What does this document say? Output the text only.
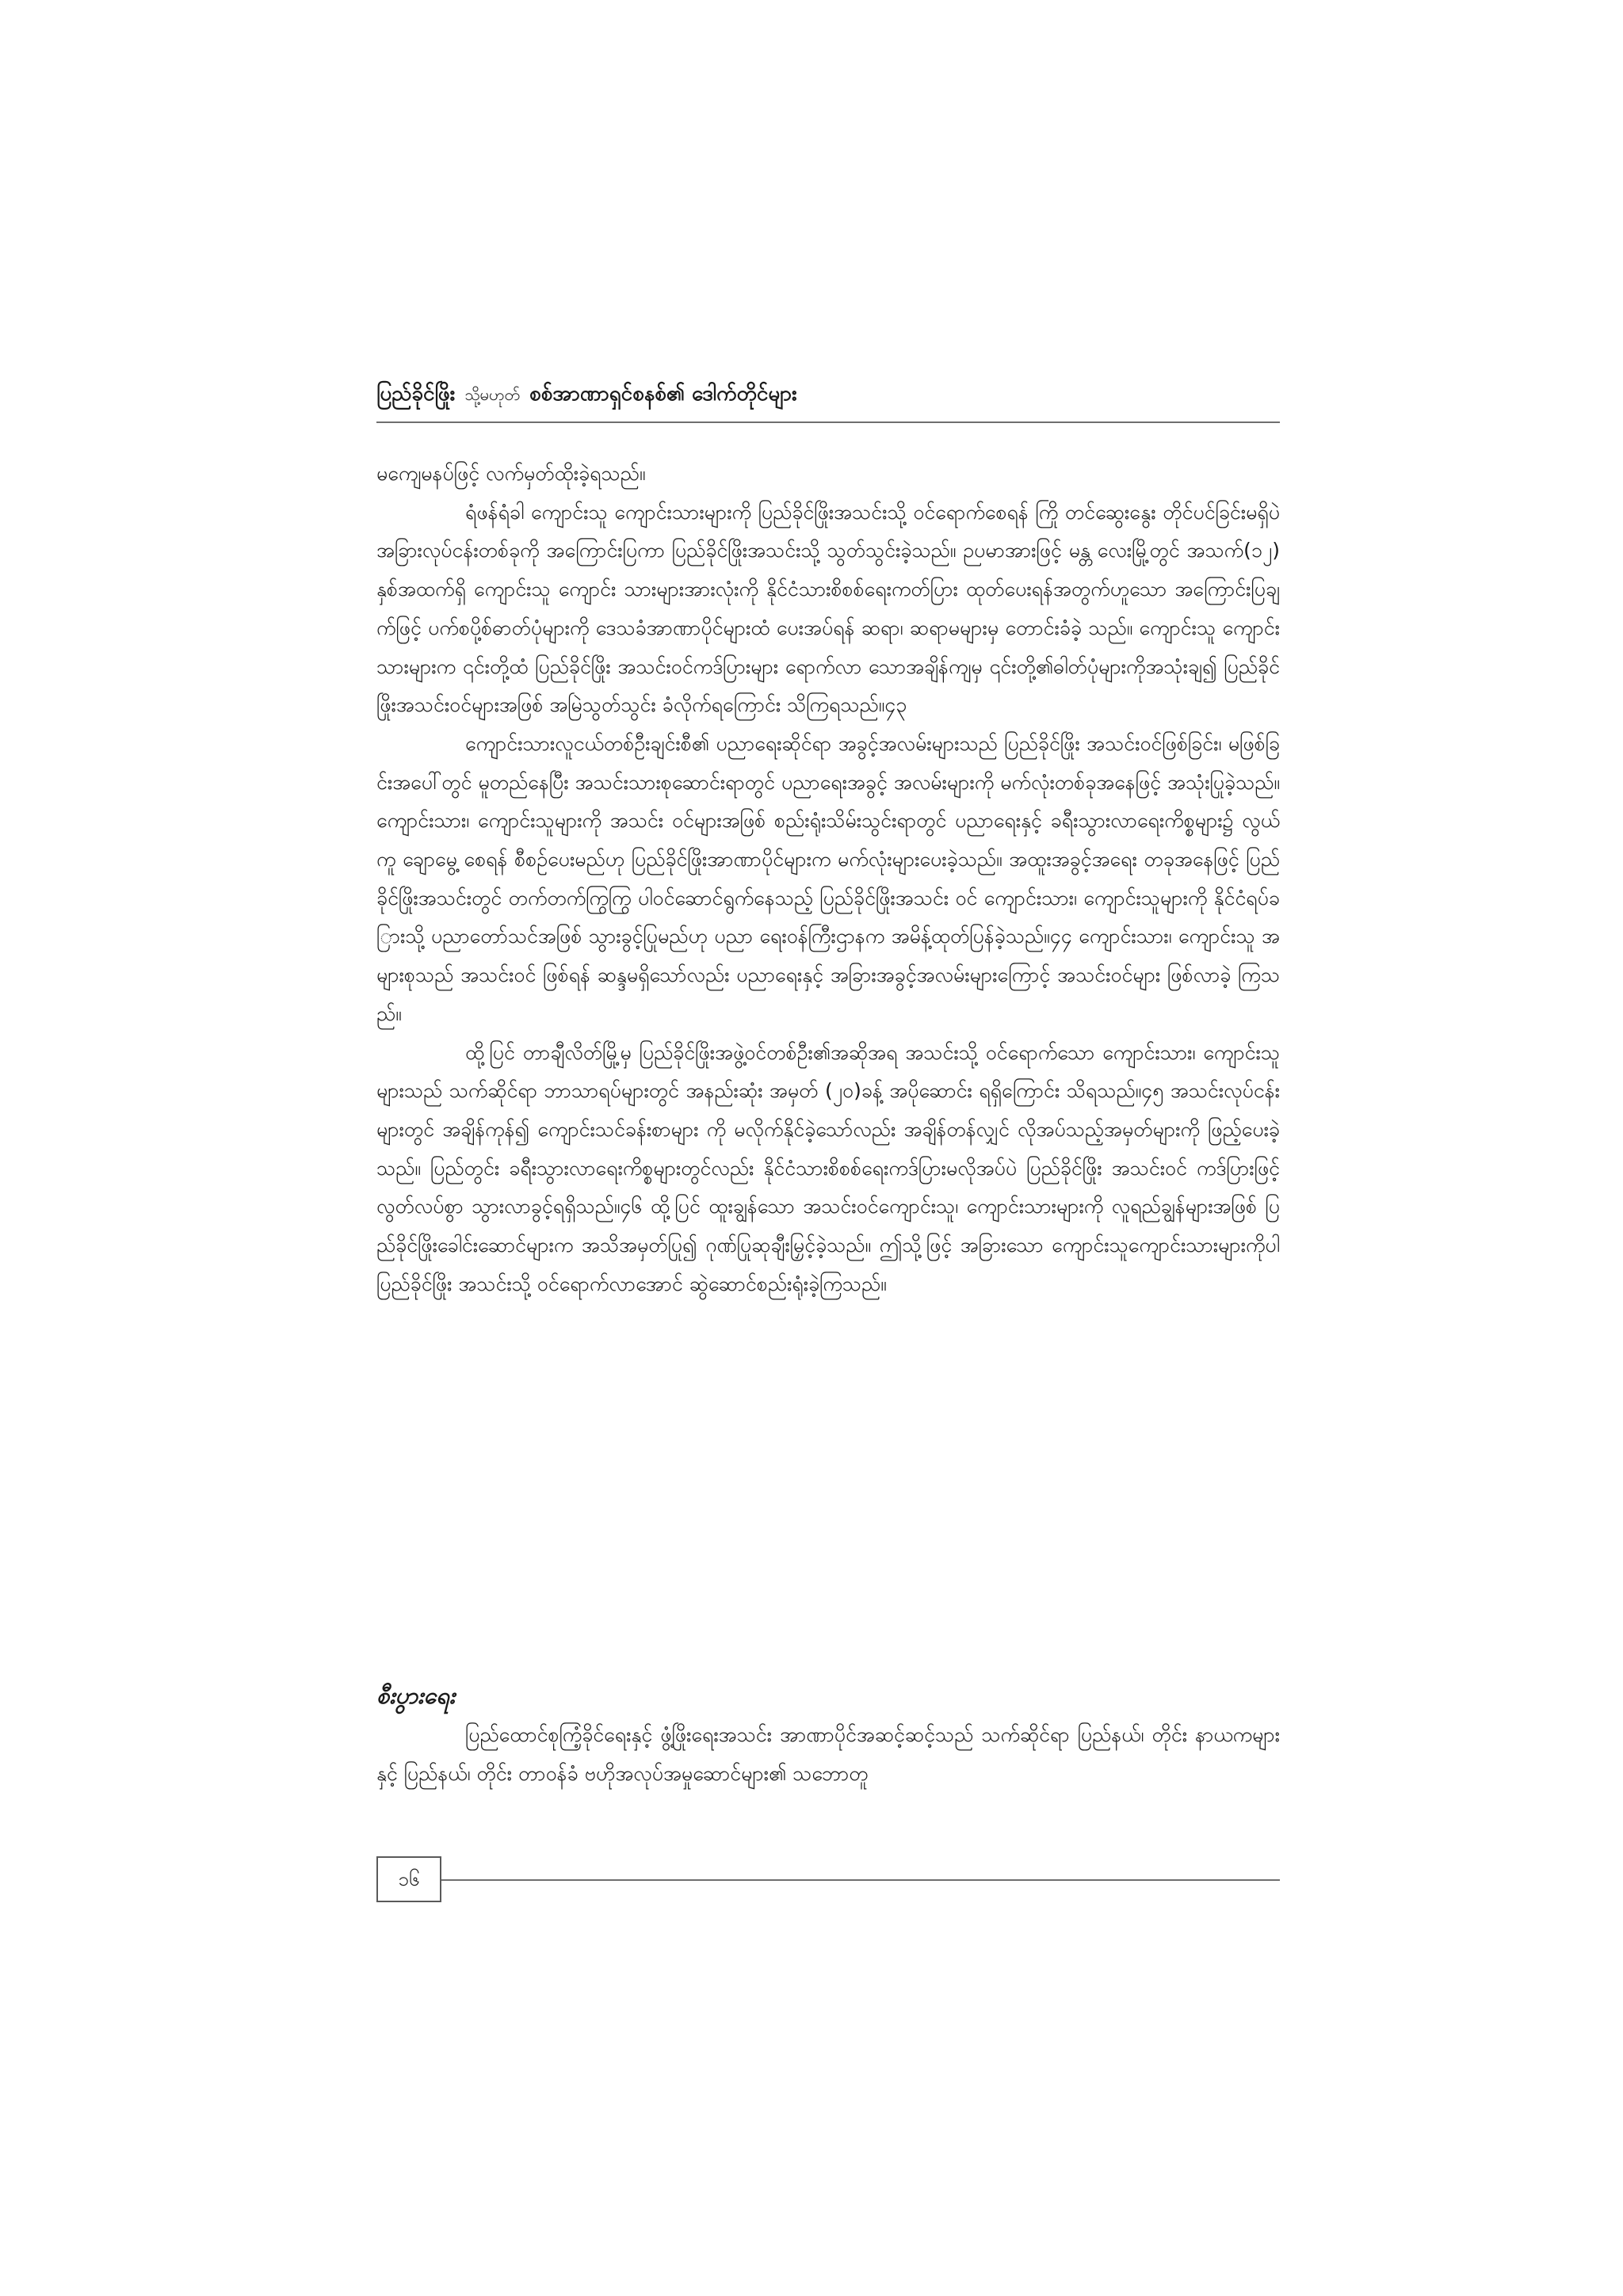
ပြည်ခိုင်ဖြိုး သို့မဟုတ် စစ်အာဏာရှင်စနစ်၏ ဒေါက်တိုင်များ

မကျေမနပ်ဖြင့် လက်မှတ်ထိုးခဲ့ရသည်။

ရံဖန်ရံခါ ကျောင်းသူ ကျောင်းသားများကို ပြည်ခိုင်ဖြိုးအသင်းသို့ ဝင်ရောက်စေရန် ကြို တင်ဆွေးနွေး တိုင်ပင်ခြင်းမရှိပဲ အခြားလုပ်ငန်းတစ်ခုကို အကြောင်းပြကာ ပြည်ခိုင်ဖြိုးအသင်းသို့ သွတ်သွင်းခဲ့သည်။ ဉပမာအားဖြင့် မန္တ လေးမြို့တွင် အသက်(၁၂)နှစ်အထက်ရှိ ကျောင်းသူ ကျောင်း သားများအားလုံးကို နိုင်ငံသားစိစစ်ရေးကတ်ပြား ထုတ်ပေးရန်အတွက်ဟူသော အကြောင်းပြချက်ဖြင့် ပက်စပို့စ်ဓာတ်ပုံများကို ဒေသခံအာဏာပိုင်များထံ ပေးအပ်ရန် ဆရာ၊ ဆရာမများမှ တောင်းခံခဲ့ သည်။ ကျောင်းသူ ကျောင်းသားများက ၎င်းတို့ထံ ပြည်ခိုင်ဖြိုး အသင်းဝင်ကဒ်ပြားများ ရောက်လာ သောအချိန်ကျမှ ၎င်းတို့၏ဓါတ်ပုံများကိုအသုံးချ၍ ပြည်ခိုင်ဖြိုးအသင်းဝင်များအဖြစ် အမြဲသွတ်သွင်း ခံလိုက်ရကြောင်း သိကြရသည်။၄၃

ကျောင်းသားလူငယ်တစ်ဦးချင်းစီ၏ ပညာရေးဆိုင်ရာ အခွင့်အလမ်းများသည် ပြည်ခိုင်ဖြိုး အသင်းဝင်ဖြစ်ခြင်း၊ မဖြစ်ခြင်းအပေါ်တွင် မူတည်နေပြီး အသင်းသားစုဆောင်းရာတွင် ပညာရေးအခွင့် အလမ်းများကို မက်လုံးတစ်ခုအနေဖြင့် အသုံးပြုခဲ့သည်။ ကျောင်းသား၊ ကျောင်းသူများကို အသင်း ဝင်များအဖြစ် စည်းရုံးသိမ်းသွင်းရာတွင် ပညာရေးနှင့် ခရီးသွားလာရေးကိစ္စများ၌ လွယ်ကူ ချောမွေ့ စေရန် စီစဉ်ပေးမည်ဟု ပြည်ခိုင်ဖြိုးအာဏာပိုင်များက မက်လုံးများပေးခဲ့သည်။ အထူးအခွင့်အရေး တခုအနေဖြင့် ပြည်ခိုင်ဖြိုးအသင်းတွင် တက်တက်ကြွကြွ ပါဝင်ဆောင်ရွက်နေသည့် ပြည်ခိုင်ဖြိုးအသင်း ဝင် ကျောင်းသား၊ ကျောင်းသူများကို နိုင်ငံရပ်ခြားသို့ ပညာတော်သင်အဖြစ် သွားခွင့်ပြုမည်ဟု ပညာ ရေးဝန်ကြီးဌာနက အမိန့်ထုတ်ပြန်ခဲ့သည်။၄၄ ကျောင်းသား၊ ကျောင်းသူ အများစုသည် အသင်းဝင် ဖြစ်ရန် ဆန္ဒမရှိသော်လည်း ပညာရေးနှင့် အခြားအခွင့်အလမ်းများကြောင့် အသင်းဝင်များ ဖြစ်လာခဲ့ ကြသည်။

ထို့ပြင် တာချီလိတ်မြို့မှ ပြည်ခိုင်ဖြိုးအဖွဲ့ဝင်တစ်ဦး၏အဆိုအရ အသင်းသို့ ဝင်ရောက်သော ကျောင်းသား၊ ကျောင်းသူများသည် သက်ဆိုင်ရာ ဘာသာရပ်များတွင် အနည်းဆုံး အမှတ် (၂၀)ခန့် အပိုဆောင်း ရရှိကြောင်း သိရသည်။၄၅ အသင်းလုပ်ငန်းများတွင် အချိန်ကုန်၍ ကျောင်းသင်ခန်းစာများ ကို မလိုက်နိုင်ခဲ့သော်လည်း အချိန်တန်လျှင် လိုအပ်သည့်အမှတ်များကို ဖြည့်ပေးခဲ့သည်။ ပြည်တွင်း ခရီးသွားလာရေးကိစ္စများတွင်လည်း နိုင်ငံသားစိစစ်ရေးကဒ်ပြားမလိုအပ်ပဲ ပြည်ခိုင်ဖြိုး အသင်းဝင် ကဒ်ပြားဖြင့် လွတ်လပ်စွာ သွားလာခွင့်ရရှိသည်။၄၆ ထို့ပြင် ထူးချွန်သော အသင်းဝင်ကျောင်းသူ၊ ကျောင်းသားများကို လူရည်ချွန်များအဖြစ် ပြည်ခိုင်ဖြိုးခေါင်းဆောင်များက အသိအမှတ်ပြု၍ ဂုဏ်ပြုဆုချီးမြှင့်ခဲ့သည်။ ဤသို့ဖြင့် အခြားသော ကျောင်းသူကျောင်းသားများကိုပါ ပြည်ခိုင်ဖြိုး အသင်းသို့ ဝင်ရောက်လာအောင် ဆွဲဆောင်စည်းရုံးခဲ့ကြသည်။

စီးပွားရေး

ပြည်ထောင်စုကြံ့ခိုင်ရေးနှင့် ဖွံ့ဖြိုးရေးအသင်း အာဏာပိုင်အဆင့်ဆင့်သည် သက်ဆိုင်ရာ ပြည်နယ်၊ တိုင်း နာယကများနှင့် ပြည်နယ်၊ တိုင်း တာဝန်ခံ ဗဟိုအလုပ်အမှုဆောင်များ၏ သဘောတူ

၁၆
